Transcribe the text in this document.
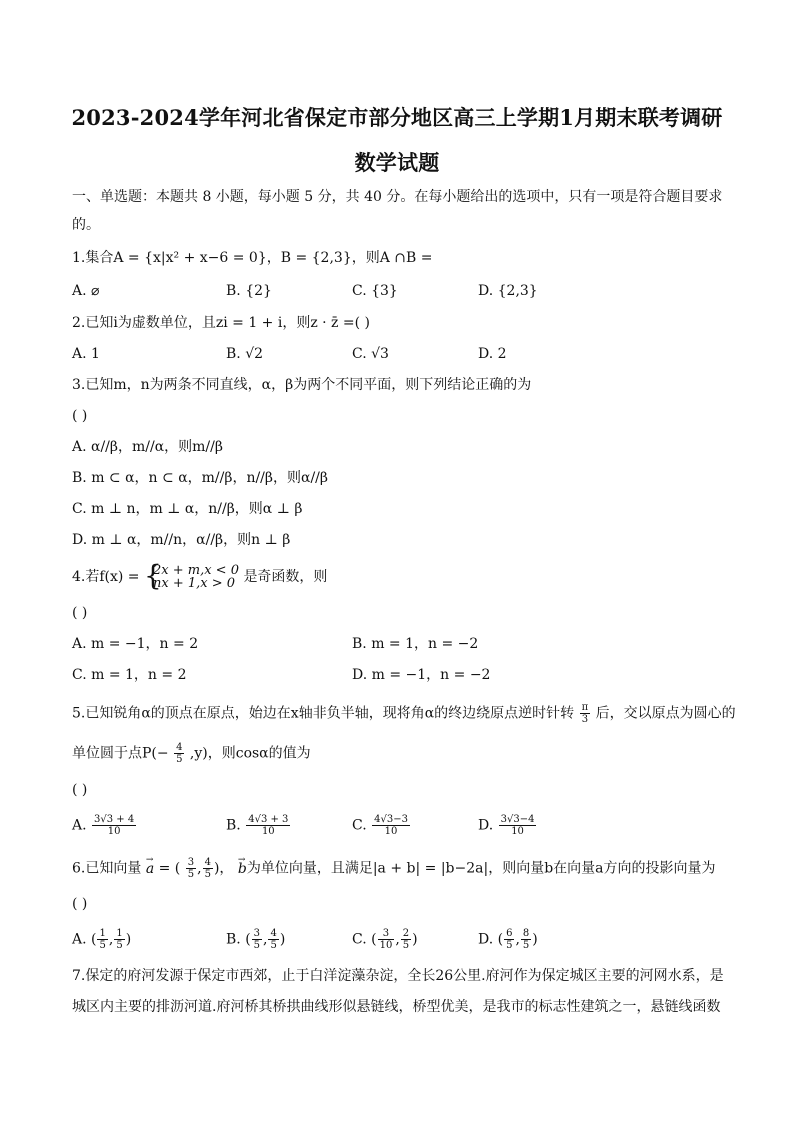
2023-2024学年河北省保定市部分地区高三上学期1月期末联考调研
数学试题
一、单选题：本题共 8 小题，每小题 5 分，共 40 分。在每小题给出的选项中，只有一项是符合题目要求
的。
1.集合A = {x|x² + x−6 = 0}，B = {2,3}，则A ∩B =
A. ⌀	B. {2}	C. {3}	D. {2,3}
2.已知i为虚数单位，且zi = 1 + i，则z · z̄ =( )
A. 1	B. √2	C. √3	D. 2
3.已知m，n为两条不同直线，α，β为两个不同平面，则下列结论正确的为
( )
A. α//β，m//α，则m//β
B. m ⊂ α，n ⊂ α，m//β，n//β，则α//β
C. m ⊥ n，m ⊥ α，n//β，则α ⊥ β
D. m ⊥ α，m//n，α//β，则n ⊥ β
4.若f(x) = {
2x + m,x < 0
nx + 1,x > 0 是奇函数，则
( )
A. m = −1，n = 2	B. m = 1，n = −2
C. m = 1，n = 2	D. m = −1，n = −2
5.已知锐角α的顶点在原点，始边在x轴非负半轴，现将角α的终边绕原点逆时针转 $\frac{\pi}{3}$ 后，交以原点为圆心的
单位圆于点$P(- \frac{4}{5} ,y)$，则cosα的值为
( )
A. $\frac{3√3 + 4}{10}$	B. $\frac{4√3 + 3}{10}$	C. $\frac{4√3-3}{10}$	D. $\frac{3√3-4}{10}$
6.已知向量 → a = ( $\frac{3}{5}$ , $\frac{4}{5}$ )， → b为单位向量，且满足|a + b| = |b−2a|，则向量b在向量a方向的投影向量为
( )
A. ( $\frac{1}{5}$ , $\frac{1}{5}$ )	B. ( $\frac{3}{5}$ , $\frac{4}{5}$ )	C. ( $\frac{3}{10}$ , $\frac{2}{5}$ )	D. ( $\frac{6}{5}$ , $\frac{8}{5}$ )
7.保定的府河发源于保定市西郊，止于白洋淀藻杂淀，全长26公里.府河作为保定城区主要的河网水系，是
城区内主要的排沥河道.府河桥其桥拱曲线形似悬链线，桥型优美，是我市的标志性建筑之一，悬链线函数
